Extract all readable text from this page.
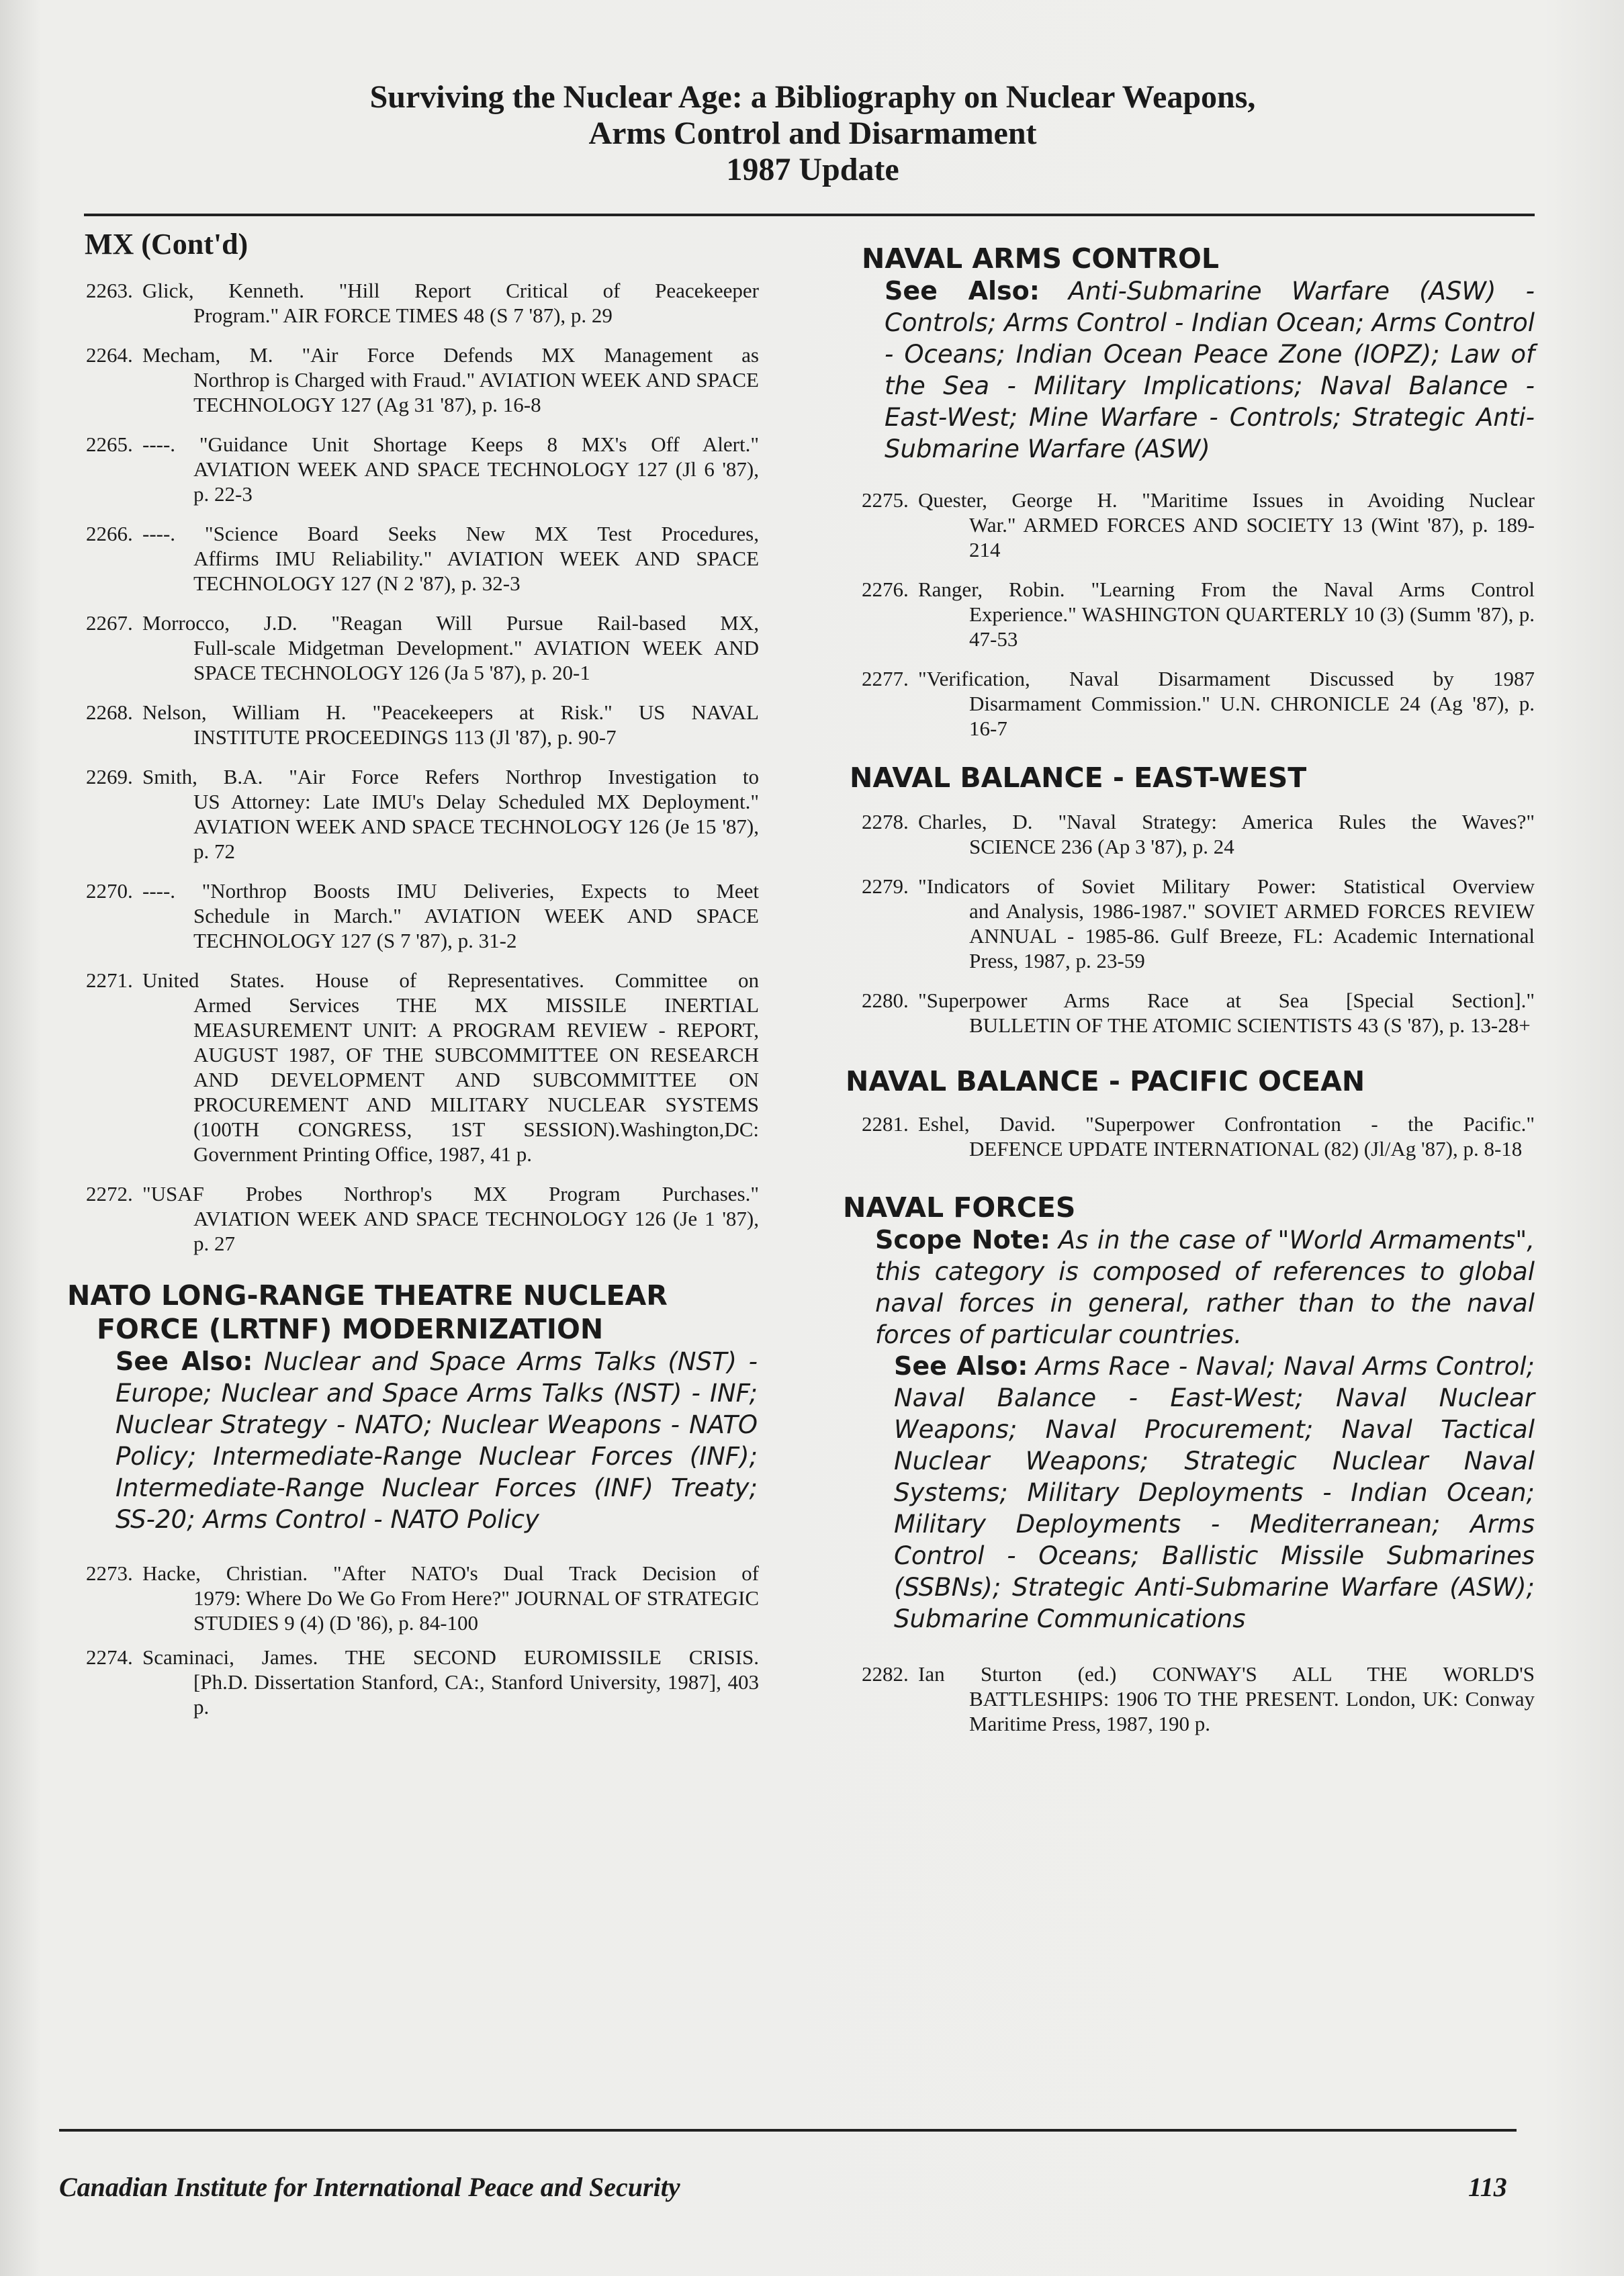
Surviving the Nuclear Age: a Bibliography on Nuclear Weapons,
Arms Control and Disarmament
1987 Update
MX (Cont'd)
2263. Glick, Kenneth. "Hill Report Critical of Peacekeeper
Program." AIR FORCE TIMES 48 (S 7 '87), p. 29
2264. Mecham, M. "Air Force Defends MX Management as
Northrop is Charged with Fraud." AVIATION WEEK AND SPACE TECHNOLOGY 127 (Ag 31 '87), p. 16-8
2265. ----. "Guidance Unit Shortage Keeps 8 MX's Off Alert."
AVIATION WEEK AND SPACE TECHNOLOGY 127 (Jl 6 '87), p. 22-3
2266. ----. "Science Board Seeks New MX Test Procedures,
Affirms IMU Reliability." AVIATION WEEK AND SPACE TECHNOLOGY 127 (N 2 '87), p. 32-3
2267. Morrocco, J.D. "Reagan Will Pursue Rail-based MX,
Full-scale Midgetman Development." AVIATION WEEK AND SPACE TECHNOLOGY 126 (Ja 5 '87), p. 20-1
2268. Nelson, William H. "Peacekeepers at Risk." US NAVAL
INSTITUTE PROCEEDINGS 113 (Jl '87), p. 90-7
2269. Smith, B.A. "Air Force Refers Northrop Investigation to
US Attorney: Late IMU's Delay Scheduled MX Deployment." AVIATION WEEK AND SPACE TECHNOLOGY 126 (Je 15 '87), p. 72
2270. ----. "Northrop Boosts IMU Deliveries, Expects to Meet
Schedule in March." AVIATION WEEK AND SPACE TECHNOLOGY 127 (S 7 '87), p. 31-2
2271. United States. House of Representatives. Committee on
Armed Services THE MX MISSILE INERTIAL MEASUREMENT UNIT: A PROGRAM REVIEW - REPORT, AUGUST 1987, OF THE SUBCOMMITTEE ON RESEARCH AND DEVELOPMENT AND SUBCOMMITTEE ON PROCUREMENT AND MILITARY NUCLEAR SYSTEMS (100TH CONGRESS, 1ST SESSION).Washington,DC: Government Printing Office, 1987, 41 p.
2272. "USAF Probes Northrop's MX Program Purchases."
AVIATION WEEK AND SPACE TECHNOLOGY 126 (Je 1 '87), p. 27
NATO LONG-RANGE THEATRE NUCLEAR
FORCE (LRTNF) MODERNIZATION
See Also: Nuclear and Space Arms Talks (NST) - Europe; Nuclear and Space Arms Talks (NST) - INF; Nuclear Strategy - NATO; Nuclear Weapons - NATO Policy; Intermediate-Range Nuclear Forces (INF); Intermediate-Range Nuclear Forces (INF) Treaty; SS-20; Arms Control - NATO Policy
2273. Hacke, Christian. "After NATO's Dual Track Decision of
1979: Where Do We Go From Here?" JOURNAL OF STRATEGIC STUDIES 9 (4) (D '86), p. 84-100
2274. Scaminaci, James. THE SECOND EUROMISSILE CRISIS.
[Ph.D. Dissertation Stanford, CA:, Stanford University, 1987], 403 p.
NAVAL ARMS CONTROL
See Also: Anti-Submarine Warfare (ASW) - Controls; Arms Control - Indian Ocean; Arms Control - Oceans; Indian Ocean Peace Zone (IOPZ); Law of the Sea - Military Implications; Naval Balance - East-West; Mine Warfare - Controls; Strategic Anti-Submarine Warfare (ASW)
2275. Quester, George H. "Maritime Issues in Avoiding Nuclear
War." ARMED FORCES AND SOCIETY 13 (Wint '87), p. 189-214
2276. Ranger, Robin. "Learning From the Naval Arms Control
Experience." WASHINGTON QUARTERLY 10 (3) (Summ '87), p. 47-53
2277. "Verification, Naval Disarmament Discussed by 1987
Disarmament Commission." U.N. CHRONICLE 24 (Ag '87), p. 16-7
NAVAL BALANCE - EAST-WEST
2278. Charles, D. "Naval Strategy: America Rules the Waves?"
SCIENCE 236 (Ap 3 '87), p. 24
2279. "Indicators of Soviet Military Power: Statistical Overview
and Analysis, 1986-1987." SOVIET ARMED FORCES REVIEW ANNUAL - 1985-86. Gulf Breeze, FL: Academic International Press, 1987, p. 23-59
2280. "Superpower Arms Race at Sea [Special Section]."
BULLETIN OF THE ATOMIC SCIENTISTS 43 (S '87), p. 13-28+
NAVAL BALANCE - PACIFIC OCEAN
2281. Eshel, David. "Superpower Confrontation - the Pacific."
DEFENCE UPDATE INTERNATIONAL (82) (Jl/Ag '87), p. 8-18
NAVAL FORCES
Scope Note: As in the case of "World Armaments", this category is composed of references to global naval forces in general, rather than to the naval forces of particular countries.
See Also: Arms Race - Naval; Naval Arms Control; Naval Balance - East-West; Naval Nuclear Weapons; Naval Procurement; Naval Tactical Nuclear Weapons; Strategic Nuclear Naval Systems; Military Deployments - Indian Ocean; Military Deployments - Mediterranean; Arms Control - Oceans; Ballistic Missile Submarines (SSBNs); Strategic Anti-Submarine Warfare (ASW); Submarine Communications
2282. Ian Sturton (ed.) CONWAY'S ALL THE WORLD'S
BATTLESHIPS: 1906 TO THE PRESENT. London, UK: Conway Maritime Press, 1987, 190 p.
Canadian Institute for International Peace and Security	113
